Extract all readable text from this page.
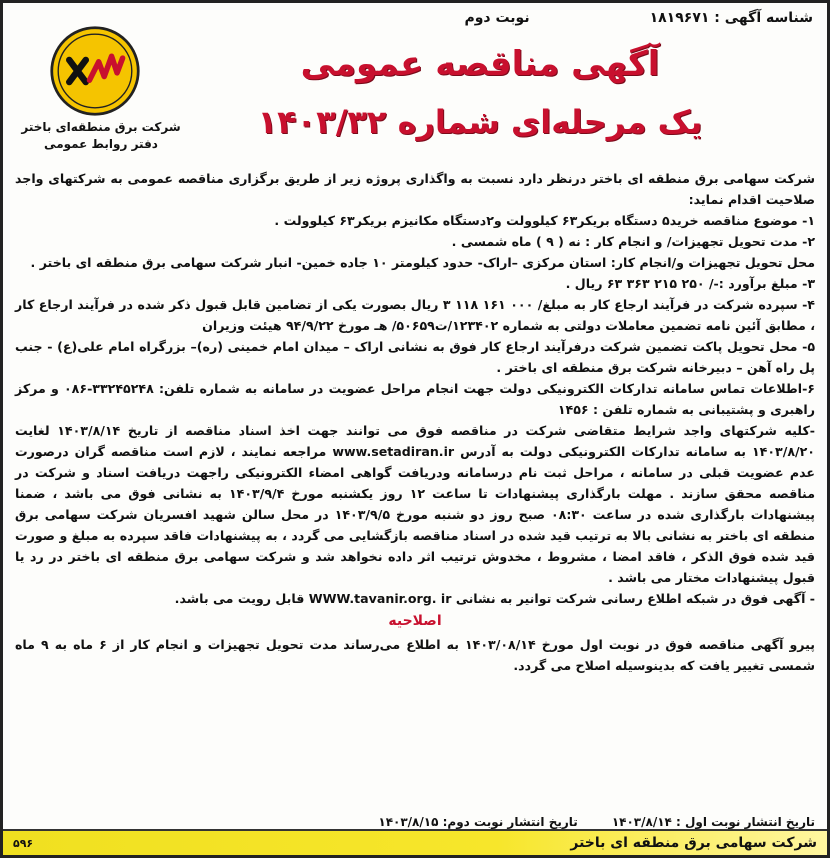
شناسه آگهی : ۱۸۱۹۶۷۱
نوبت دوم
شرکت برق منطقه‌ای باختر
دفتر روابط عمومی
آگهی مناقصه عمومی
یک مرحله‌ای شماره ۱۴۰۳/۳۲

شرکت سهامی برق منطقه ای باختر درنظر دارد نسبت به واگذاری پروژه زیر از طریق برگزاری مناقصه عمومی به شرکتهای واجد صلاحیت اقدام نماید:

۱- موضوع مناقصه خرید۵ دستگاه بریکر۶۳ کیلوولت و۲دستگاه مکانیزم بریکر۶۳ کیلوولت .

۲- مدت تحویل تجهیزات/ و انجام کار : نه ( ۹ ) ماه شمسی .

محل تحویل تجهیزات و/انجام کار: استان مرکزی –اراک- حدود کیلومتر ۱۰ جاده خمین- انبار شرکت سهامی برق منطقه ای باختر .

۳- مبلغ برآورد :-/ ۲۵۰ ۲۱۵ ۳۶۳ ۶۳ ریال .

۴- سپرده شرکت در فرآیند ارجاع کار به مبلغ/ ۰۰۰ ۱۶۱ ۱۱۸ ۳ ریال بصورت یکی از تضامین قابل قبول ذکر شده در فرآیند ارجاع کار ، مطابق آئین نامه تضمین معاملات دولتی به شماره ۱۲۳۴۰۲/ت۵۰۶۵۹/ هـ مورخ ۹۴/۹/۲۲ هیئت وزیران

۵- محل تحویل پاکت تضمین شرکت درفرآیند ارجاع کار فوق به نشانی اراک – میدان امام خمینی (ره)– بزرگراه امام علی(ع) - جنب پل راه آهن – دبیرخانه شرکت برق منطقه ای باختر .

۶-اطلاعات تماس سامانه تدارکات الکترونیکی دولت جهت انجام مراحل عضویت در سامانه به شماره تلفن: ۳۳۲۴۵۲۴۸-۰۸۶ و مرکز راهبری و پشتیبانی به شماره تلفن : ۱۴۵۶

-کلیه شرکتهای واجد شرایط متقاضی شرکت در مناقصه فوق می توانند جهت اخذ اسناد مناقصه از تاریخ ۱۴۰۳/۸/۱۴ لغایت ۱۴۰۳/۸/۲۰ به سامانه تدارکات الکترونیکی دولت به آدرس www.setadiran.ir مراجعه نمایند ، لازم است مناقصه گران درصورت عدم عضویت قبلی در سامانه ، مراحل ثبت نام درسامانه ودریافت گواهی امضاء الکترونیکی راجهت دریافت اسناد و شرکت در مناقصه محقق سازند . مهلت بارگذاری پیشنهادات تا ساعت ۱۲ روز یکشنبه مورخ ۱۴۰۳/۹/۴ به نشانی فوق می باشد ، ضمنا پیشنهادات بارگذاری شده در ساعت ۰۸:۳۰ صبح روز دو شنبه مورخ ۱۴۰۳/۹/۵ در محل سالن شهید افسریان شرکت سهامی برق منطقه ای باختر به نشانی بالا به ترتیب قید شده در اسناد مناقصه بازگشایی می گردد ، به پیشنهادات فاقد سپرده به مبلغ و صورت قید شده فوق الذکر ، فاقد امضا ، مشروط ، مخدوش ترتیب اثر داده نخواهد شد و شرکت سهامی برق منطقه ای باختر در رد یا قبول پیشنهادات مختار می باشد .

- آگهی فوق در شبکه اطلاع رسانی شرکت توانیر به نشانی WWW.tavanir.org. ir قابل رویت می باشد.

اصلاحیه

پیرو آگهی مناقصه فوق در نوبت اول مورخ ۱۴۰۳/۰۸/۱۴ به اطلاع می‌رساند مدت تحویل تجهیزات و انجام کار از ۶ ماه به ۹ ماه شمسی تغییر یافت که بدینوسیله اصلاح می گردد.

تاریخ انتشار نوبت اول : ۱۴۰۳/۸/۱۴
تاریخ انتشار نوبت دوم: ۱۴۰۳/۸/۱۵
شرکت سهامی برق منطقه ای باختر
۵۹۶
